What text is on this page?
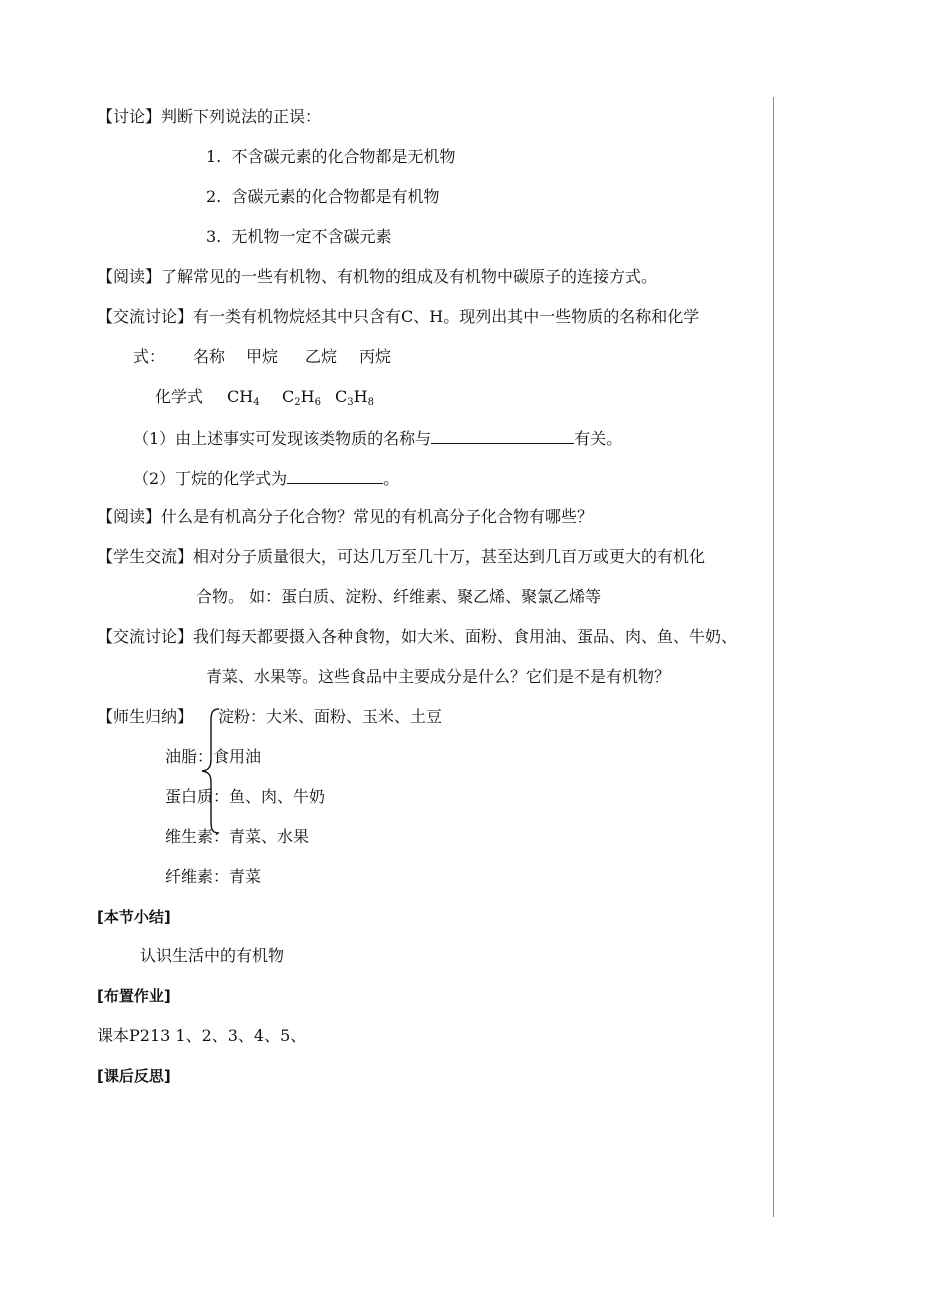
【讨论】判断下列说法的正误：
1. 不含碳元素的化合物都是无机物
2. 含碳元素的化合物都是有机物
3. 无机物一定不含碳元素
【阅读】了解常见的一些有机物、有机物的组成及有机物中碳原子的连接方式。
【交流讨论】有一类有机物烷烃其中只含有C、H。现列出其中一些物质的名称和化学
式： 名称 甲烷 乙烷 丙烷
化学式 $CH_4$ $C_2H_6$ $C_3H_8$
（1）由上述事实可发现该类物质的名称与	有关。
（2）丁烷的化学式为	。
【阅读】什么是有机高分子化合物？常见的有机高分子化合物有哪些？
【学生交流】相对分子质量很大，可达几万至几十万，甚至达到几百万或更大的有机化
合物。 如：蛋白质、淀粉、纤维素、聚乙烯、聚氯乙烯等
【交流讨论】我们每天都要摄入各种食物，如大米、面粉、食用油、蛋品、肉、鱼、牛奶、
青菜、水果等。这些食品中主要成分是什么？它们是不是有机物？
【师生归纳】 淀粉：大米、面粉、玉米、土豆
油脂：食用油
蛋白质：鱼、肉、牛奶
维生素：青菜、水果
纤维素：青菜
[本节小结]
认识生活中的有机物
[布置作业]
课本P213 1、2、3、4、5、
[课后反思]
